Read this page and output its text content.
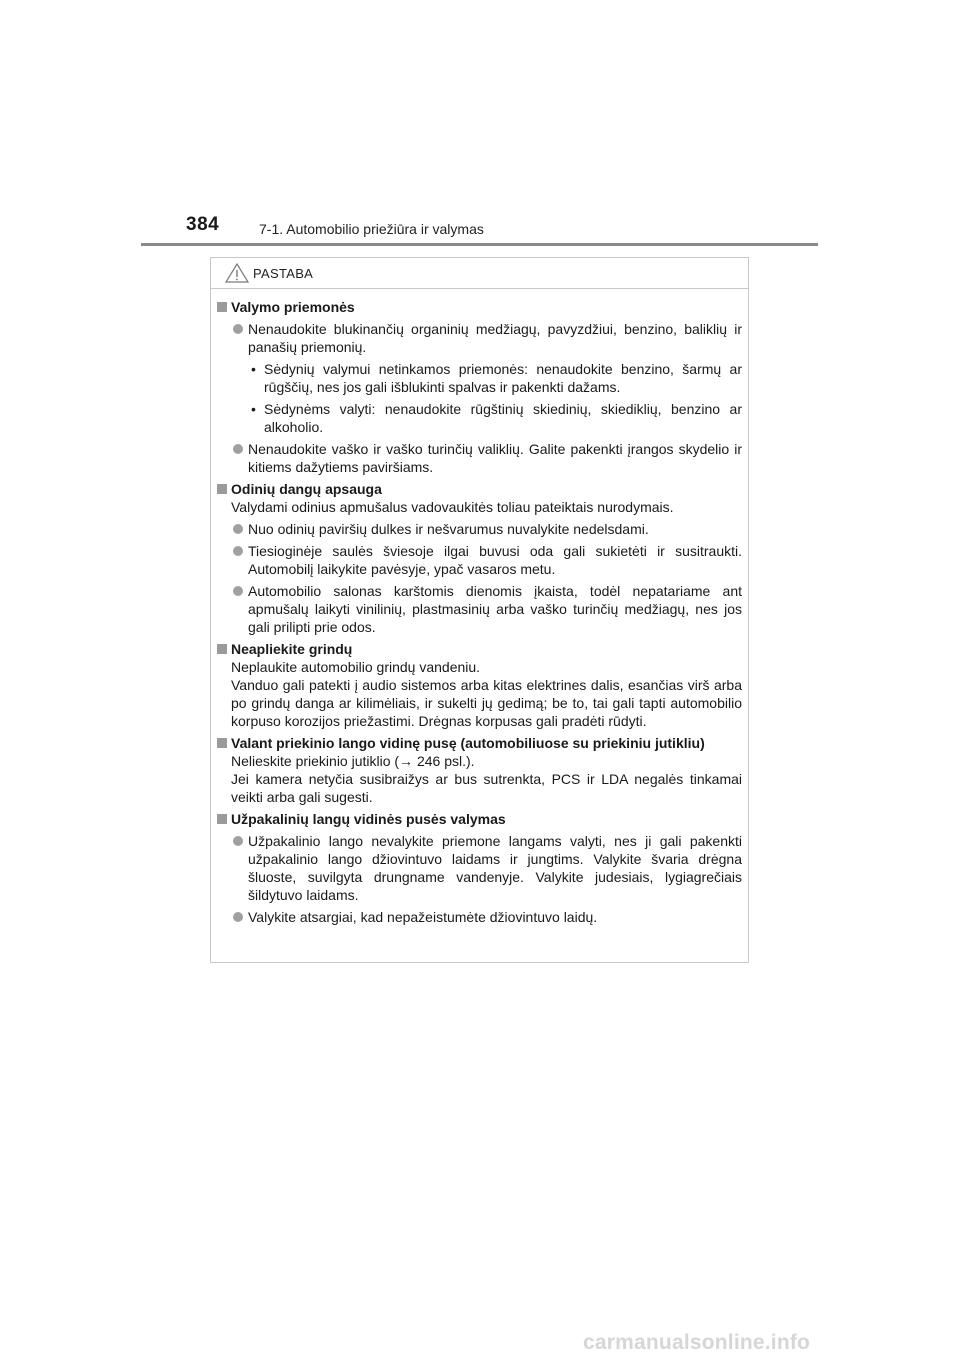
384	7-1. Automobilio priežiūra ir valymas
PASTABA
Valymo priemonės
Nenaudokite blukinančių organinių medžiagų, pavyzdžiui, benzino, baliklių ir panašių priemonių.
• Sėdynių valymui netinkamos priemonės: nenaudokite benzino, šarmų ar rūgščių, nes jos gali išblukinti spalvas ir pakenkti dažams.
• Sėdynėms valyti: nenaudokite rūgštinių skiedinių, skiediklių, benzino ar alkoholio.
Nenaudokite vaško ir vaško turinčių valiklių. Galite pakenkti įrangos skydelio ir kitiems dažytiems paviršiams.
Odinių dangų apsauga
Valydami odinius apmušalus vadovaukitės toliau pateiktais nurodymais.
Nuo odinių paviršių dulkes ir nešvarumus nuvalykite nedelsdami.
Tiesioginėje saulės šviesoje ilgai buvusi oda gali sukietėti ir susitraukti. Automobilį laikykite pavėsyje, ypač vasaros metu.
Automobilio salonas karštomis dienomis įkaista, todėl nepatariame ant apmušalų laikyti vinilinių, plastmasinių arba vaško turinčių medžiagų, nes jos gali prilipti prie odos.
Neapliekite grindų
Neplaukite automobilio grindų vandeniu.
Vanduo gali patekti į audio sistemos arba kitas elektrines dalis, esančias virš arba po grindų danga ar kilimėliais, ir sukelti jų gedimą; be to, tai gali tapti automobilio korpuso korozijos priežastimi. Drėgnas korpusas gali pradėti rūdyti.
Valant priekinio lango vidinę pusę (automobiliuose su priekiniu jutikliu)
Nelieskite priekinio jutiklio (→ 246 psl.).
Jei kamera netyčia susibraižys ar bus sutrenkta, PCS ir LDA negalės tinkamai veikti arba gali sugesti.
Užpakalinių langų vidinės pusės valymas
Užpakalinio lango nevalykite priemone langams valyti, nes ji gali pakenkti užpakalinio lango džiovintuvo laidams ir jungtims. Valykite švaria drėgna šluoste, suvilgyta drungname vandenyje. Valykite judesiais, lygiagrečiais šildytuvo laidams.
Valykite atsargiai, kad nepažeistumėte džiovintuvo laidų.
carmanualsonline.info
